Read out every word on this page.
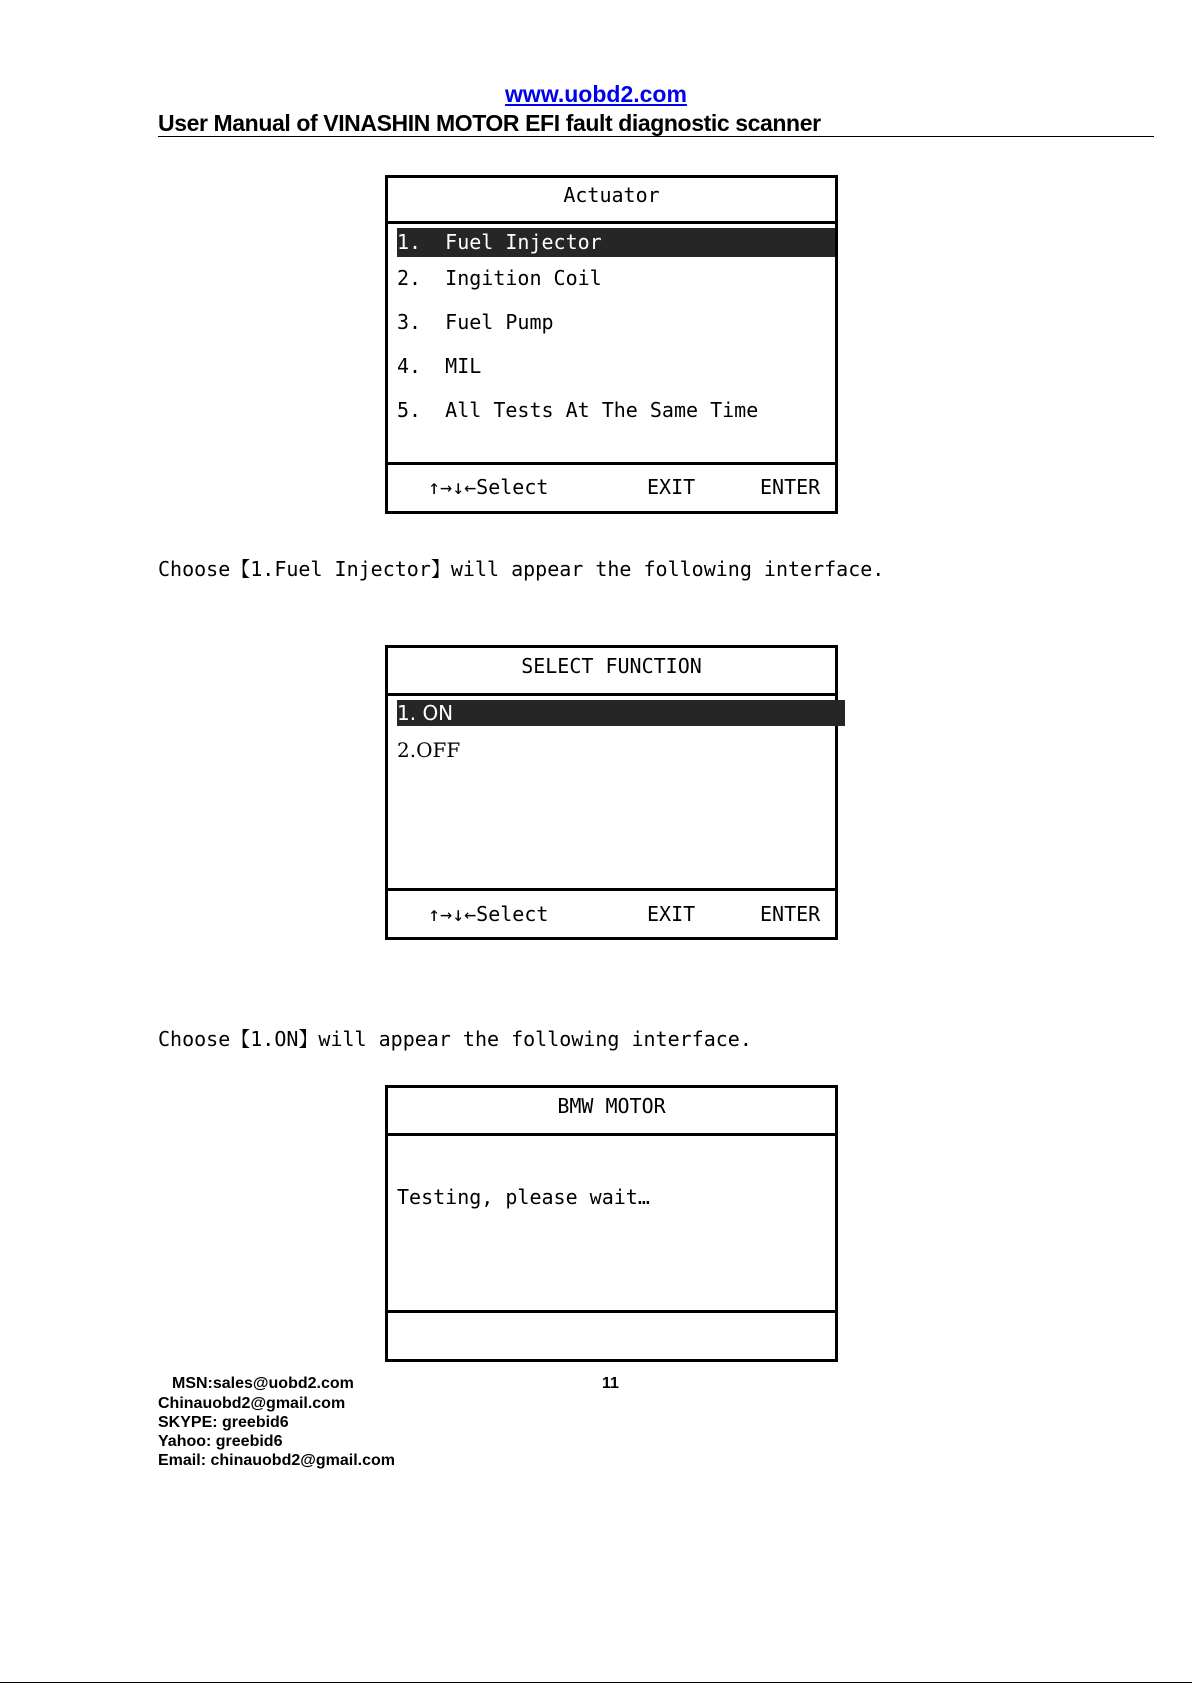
www.uobd2.com
User Manual of VINASHIN MOTOR EFI fault diagnostic scanner
Actuator
1.  Fuel Injector
2.  Ingition Coil
3.  Fuel Pump
4.  MIL
5.  All Tests At The Same Time
↑→↓←Select	EXIT	ENTER
Choose【1.Fuel Injector】will appear the following interface.
SELECT FUNCTION
1. ON
2.OFF
↑→↓←Select	EXIT	ENTER
Choose【1.ON】will appear the following interface.
BMW MOTOR
Testing, please wait…
MSN:sales@uobd2.com	11
Chinauobd2@gmail.com
SKYPE: greebid6
Yahoo: greebid6
Email: chinauobd2@gmail.com
